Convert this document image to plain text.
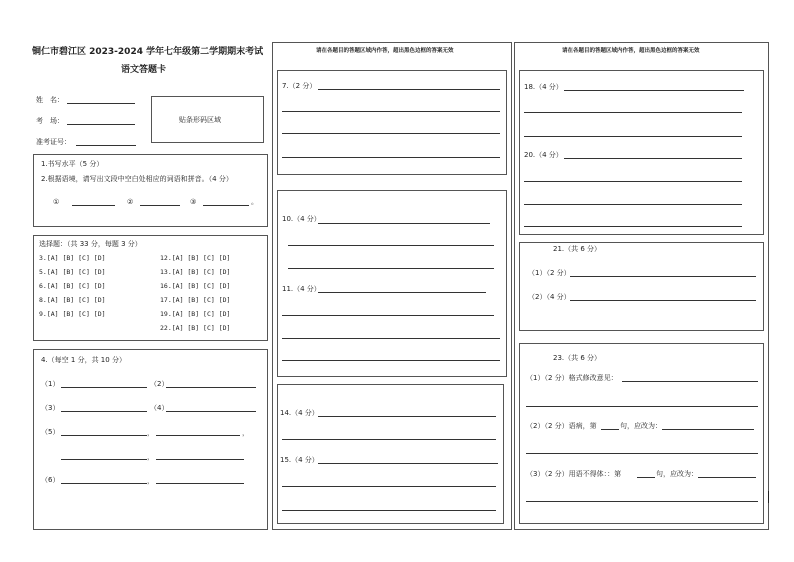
铜仁市碧江区 2023-2024 学年七年级第二学期期末考试
语文答题卡
姓　名：
考　场：
准考证号：
贴条形码区域
1.书写水平（5 分）
2.根据语境，请写出文段中空白处相应的词语和拼音。（4 分）
①	②	③	。
选择题：（共 33 分，每题 3 分）
3.[A] [B] [C] [D]
5.[A] [B] [C] [D]
6.[A] [B] [C] [D]
8.[A] [B] [C] [D]
9.[A] [B] [C] [D]
12.[A] [B] [C] [D]
13.[A] [B] [C] [D]
16.[A] [B] [C] [D]
17.[A] [B] [C] [D]
19.[A] [B] [C] [D]
22.[A] [B] [C] [D]
4.（每空 1 分，共 10 分）
（1）	（2）
（3）	（4）
（5）	，	，
，
（6）	，
请在各题目的答题区域内作答，超出黑色边框的答案无效
7.（2 分）
10.（4 分）
11.（4 分）
14.（4 分）
15.（4 分）
请在各题目的答题区域内作答，超出黑色边框的答案无效
18.（4 分）
20.（4 分）
21.（共 6 分）
（1）（2 分）
（2）（4 分）
23.（共 6 分）
（1）（2 分）格式修改意见：
（2）（2 分）语病，第	句，应改为：
（3）（2 分）用语不得体：：第	句，应改为：
